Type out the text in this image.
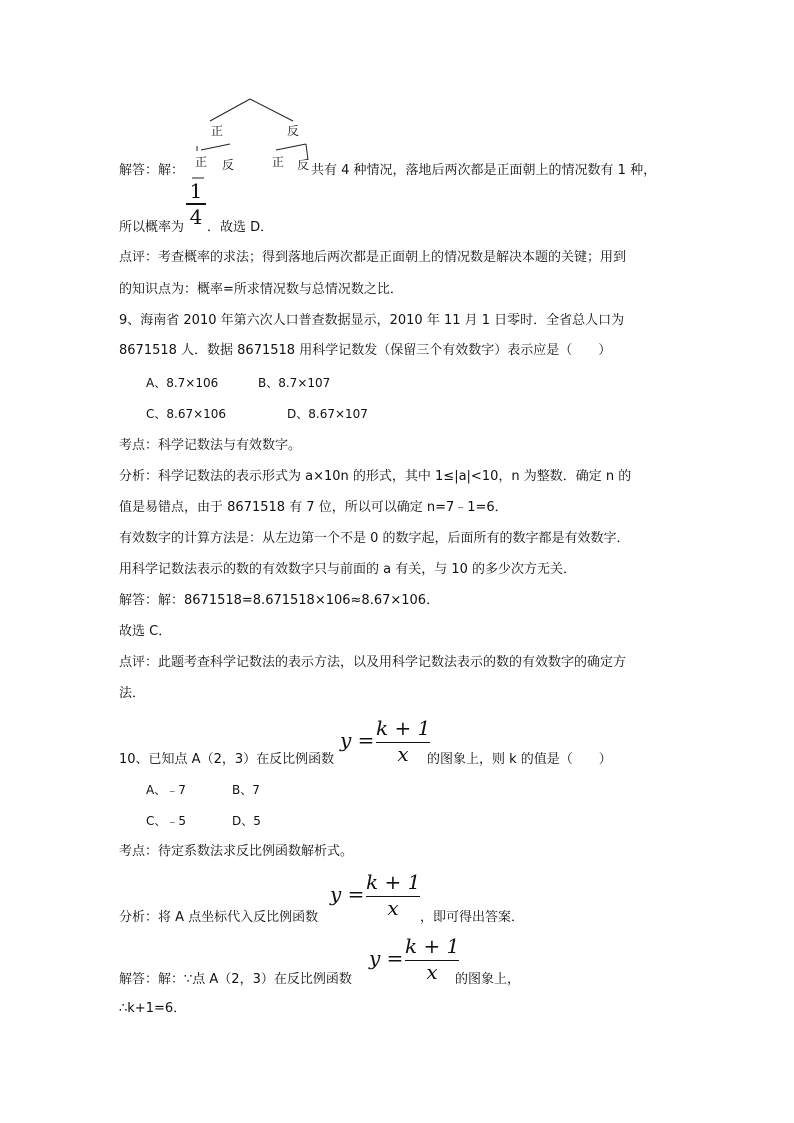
正	反
正 反	正 反
解答：解：	共有 4 种情况，落地后两次都是正面朝上的情况数有 1 种，
1
4
所以概率为 ．故选 D．
点评：考查概率的求法；得到落地后两次都是正面朝上的情况数是解决本题的关键；用到
的知识点为：概率=所求情况数与总情况数之比．
9、海南省 2010 年第六次人口普查数据显示，2010 年 11 月 1 日零时．全省总人口为
8671518 人．数据 8671518 用科学记数发（保留三个有效数字）表示应是（　　）
A、8.7×106	B、8.7×107
C、8.67×106	D、8.67×107
考点：科学记数法与有效数字。
分析：科学记数法的表示形式为 a×10n 的形式，其中 1≤|a|<10，n 为整数．确定 n 的
值是易错点，由于 8671518 有 7 位，所以可以确定 n=7﹣1=6．
有效数字的计算方法是：从左边第一个不是 0 的数字起，后面所有的数字都是有效数字．
用科学记数法表示的数的有效数字只与前面的 a 有关，与 10 的多少次方无关．
解答：解：8671518=8.671518×106≈8.67×106．
故选 C．
点评：此题考查科学记数法的表示方法，以及用科学记数法表示的数的有效数字的确定方
法．
10、已知点 A（2，3）在反比例函数
y = k + 1
x	的图象上，则 k 的值是（　　）
A、﹣7	B、7
C、﹣5	D、5
考点：待定系数法求反比例函数解析式。
分析：将 A 点坐标代入反比例函数
y = k + 1
x	，即可得出答案．
解答：解：∵点 A（2，3）在反比例函数
y = k + 1
x	的图象上，
∴k+1=6．
